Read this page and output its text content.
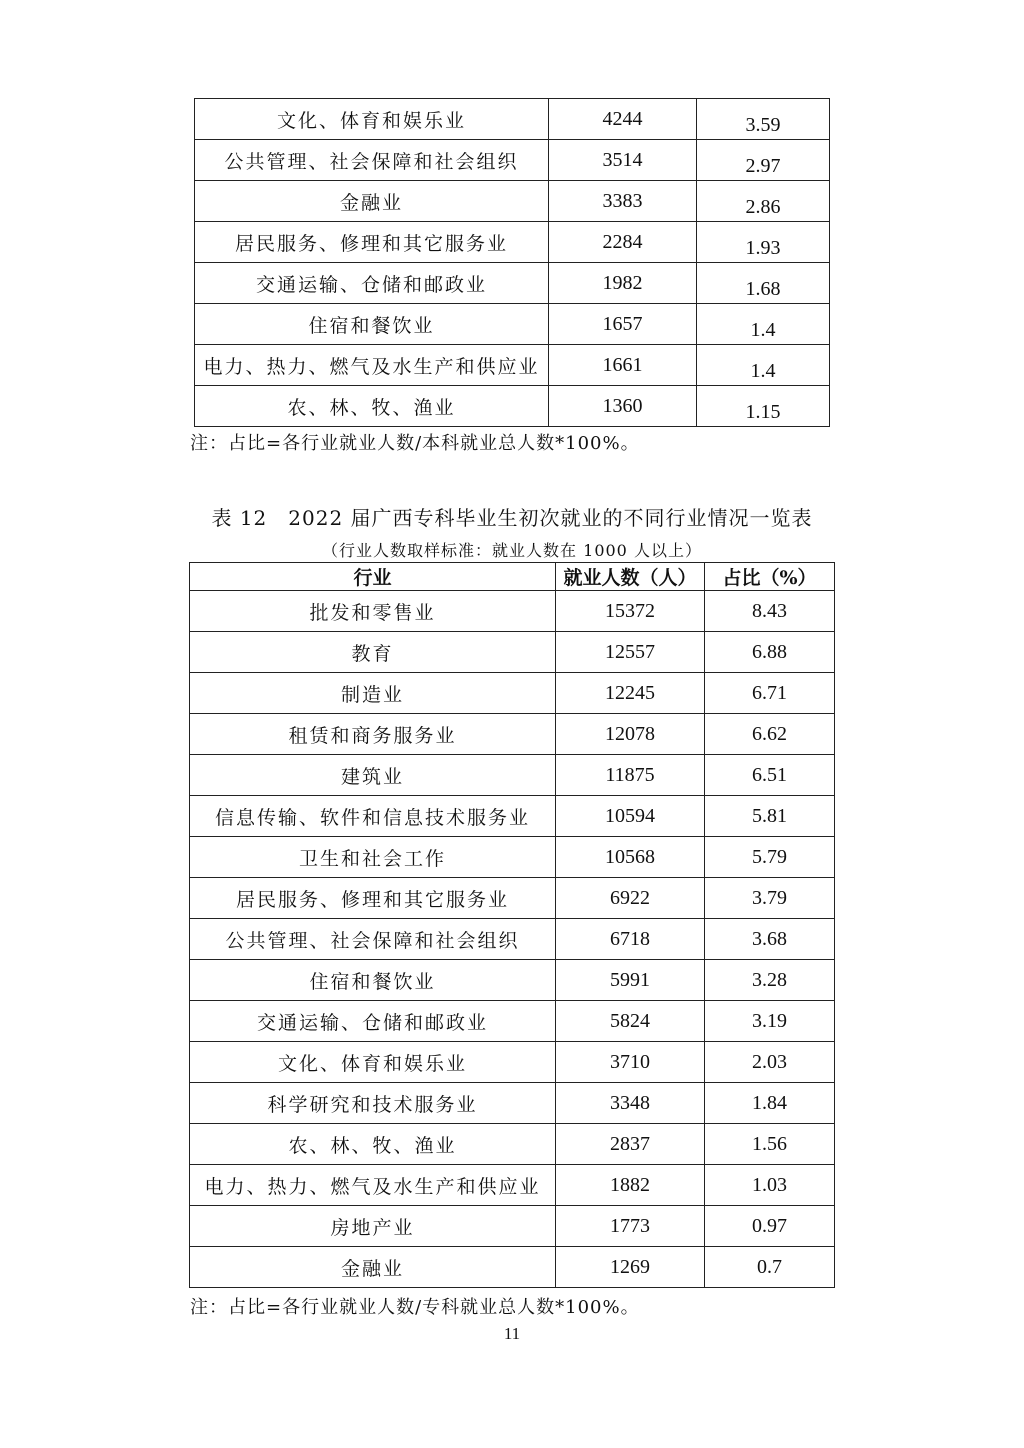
文化、体育和娱乐业	4244	3.59
公共管理、社会保障和社会组织	3514	2.97
金融业	3383	2.86
居民服务、修理和其它服务业	2284	1.93
交通运输、仓储和邮政业	1982	1.68
住宿和餐饮业	1657	1.4
电力、热力、燃气及水生产和供应业	1661	1.4
农、林、牧、渔业	1360	1.15
注：占比=各行业就业人数/本科就业总人数*100%。
表 12　2022 届广西专科毕业生初次就业的不同行业情况一览表
（行业人数取样标准：就业人数在 1000 人以上）
行业	就业人数（人）	占比（%）
批发和零售业	15372	8.43
教育	12557	6.88
制造业	12245	6.71
租赁和商务服务业	12078	6.62
建筑业	11875	6.51
信息传输、软件和信息技术服务业	10594	5.81
卫生和社会工作	10568	5.79
居民服务、修理和其它服务业	6922	3.79
公共管理、社会保障和社会组织	6718	3.68
住宿和餐饮业	5991	3.28
交通运输、仓储和邮政业	5824	3.19
文化、体育和娱乐业	3710	2.03
科学研究和技术服务业	3348	1.84
农、林、牧、渔业	2837	1.56
电力、热力、燃气及水生产和供应业	1882	1.03
房地产业	1773	0.97
金融业	1269	0.7
注：占比=各行业就业人数/专科就业总人数*100%。
11
